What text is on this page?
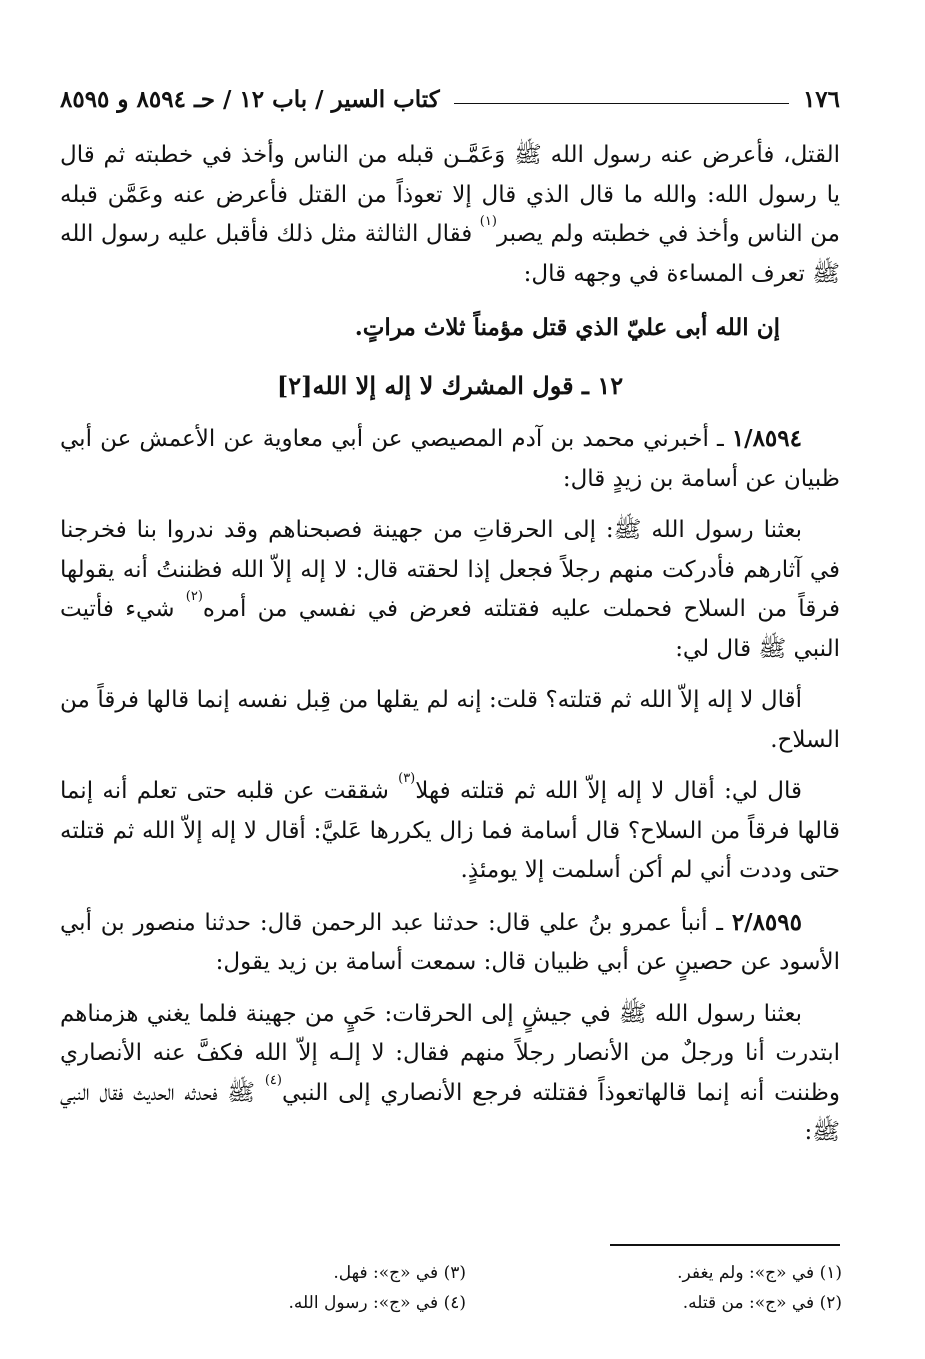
١٧٦
كتاب السير / باب ١٢ / حـ ٨٥٩٤ و ٨٥٩٥

القتل، فأعرض عنه رسول الله ﷺ وَعَمَّـن قبله من الناس وأخذ في خطبته ثم قال يا رسول الله: والله ما قال الذي قال إلا تعوذاً من القتل فأعرض عنه وعَمَّن قبله من الناس وأخذ في خطبته ولم يصبر$^{(١)}$ فقال الثالثة مثل ذلك فأقبل عليه رسول الله ﷺ تعرف المساءة في وجهه قال:

إن الله أبى عليّ الذي قتل مؤمناً ثلاث مراتٍ.

١٢ ـ قول المشرك لا إله إلا الله[٢]

١/٨٥٩٤ ـ أخبرني محمد بن آدم المصيصي عن أبي معاوية عن الأعمش عن أبي ظبيان عن أسامة بن زيدٍ قال:

بعثنا رسول الله ﷺ: إلى الحرقاتِ من جهينة فصبحناهم وقد ندروا بنا فخرجنا في آثارهم فأدركت منهم رجلاً فجعل إذا لحقته قال: لا إله إلاّ الله فظننتُ أنه يقولها فرقاً من السلاح فحملت عليه فقتلته فعرض في نفسي من أمره$^{(٢)}$ شيء فأتيت النبي ﷺ قال لي:

أقال لا إله إلاّ الله ثم قتلته؟ قلت: إنه لم يقلها من قِبل نفسه إنما قالها فرقاً من السلاح.

قال لي: أقال لا إله إلاّ الله ثم قتلته فهلا$^{(٣)}$ شققت عن قلبه حتى تعلم أنه إنما قالها فرقاً من السلاح؟ قال أسامة فما زال يكررها عَليَّ: أقال لا إله إلاّ الله ثم قتلته حتى وددت أني لم أكن أسلمت إلا يومئذٍ.

٢/٨٥٩٥ ـ أنبأ عمرو بنُ علي قال: حدثنا عبد الرحمن قال: حدثنا منصور بن أبي الأسود عن حصينٍ عن أبي ظبيان قال: سمعت أسامة بن زيد يقول:

بعثنا رسول الله ﷺ في جيشٍ إلى الحرقات: حَيٍ من جهينة فلما يغني هزمناهم ابتدرت أنا ورجلٌ من الأنصار رجلاً منهم فقال: لا إلـه إلاّ الله فكفَّ عنه الأنصاري وظننت أنه إنما قالهاتعوذاً فقتلته فرجع الأنصاري إلى النبي$^{(٤)}$ ﷺ فحدثه الحديث فقال النبي ﷺ:

(١) في «ج»: ولم يغفر.
(٣) في «ج»: فهل.
(٢) في «ج»: من قتله.
(٤) في «ج»: رسول الله.
